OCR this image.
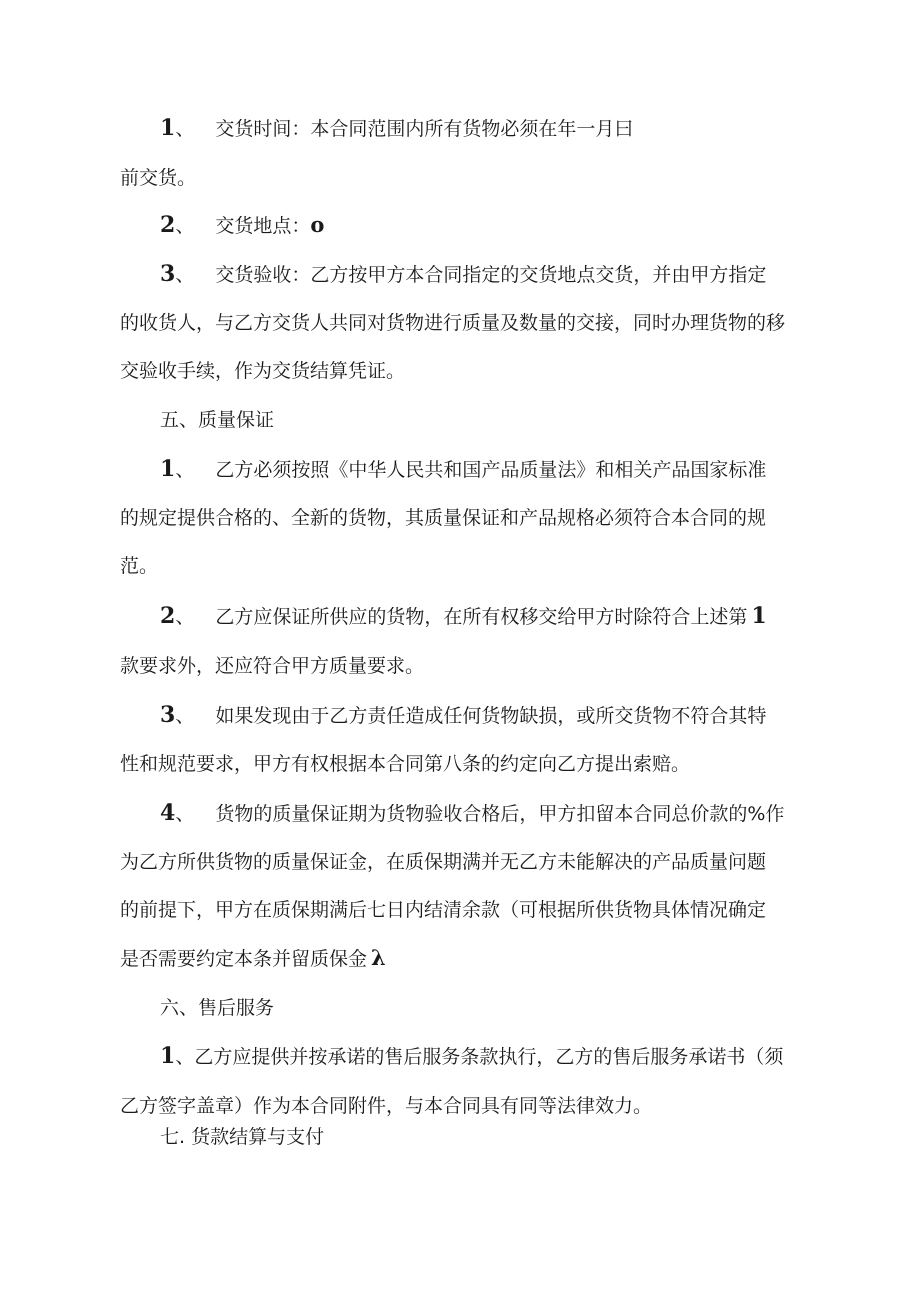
1、 交货时间：本合同范围内所有货物必须在年一月曰
前交货。
2、 交货地点：o
3、 交货验收：乙方按甲方本合同指定的交货地点交货，并由甲方指定
的收货人，与乙方交货人共同对货物进行质量及数量的交接，同时办理货物的移
交验收手续，作为交货结算凭证。
五、质量保证
1、 乙方必须按照《中华人民共和国产品质量法》和相关产品国家标准
的规定提供合格的、全新的货物，其质量保证和产品规格必须符合本合同的规
范。
2、 乙方应保证所供应的货物，在所有权移交给甲方时除符合上述第 1
款要求外，还应符合甲方质量要求。
3、 如果发现由于乙方责任造成任何货物缺损，或所交货物不符合其特
性和规范要求，甲方有权根据本合同第八条的约定向乙方提出索赔。
4、 货物的质量保证期为货物验收合格后，甲方扣留本合同总价款的%作
为乙方所供货物的质量保证金，在质保期满并无乙方未能解决的产品质量问题
的前提下，甲方在质保期满后七日内结清余款（可根据所供货物具体情况确定
是否需要约定本条并留质保金 λ
六、售后服务
1、乙方应提供并按承诺的售后服务条款执行，乙方的售后服务承诺书（须
乙方签字盖章）作为本合同附件，与本合同具有同等法律效力。
七. 货款结算与支付
